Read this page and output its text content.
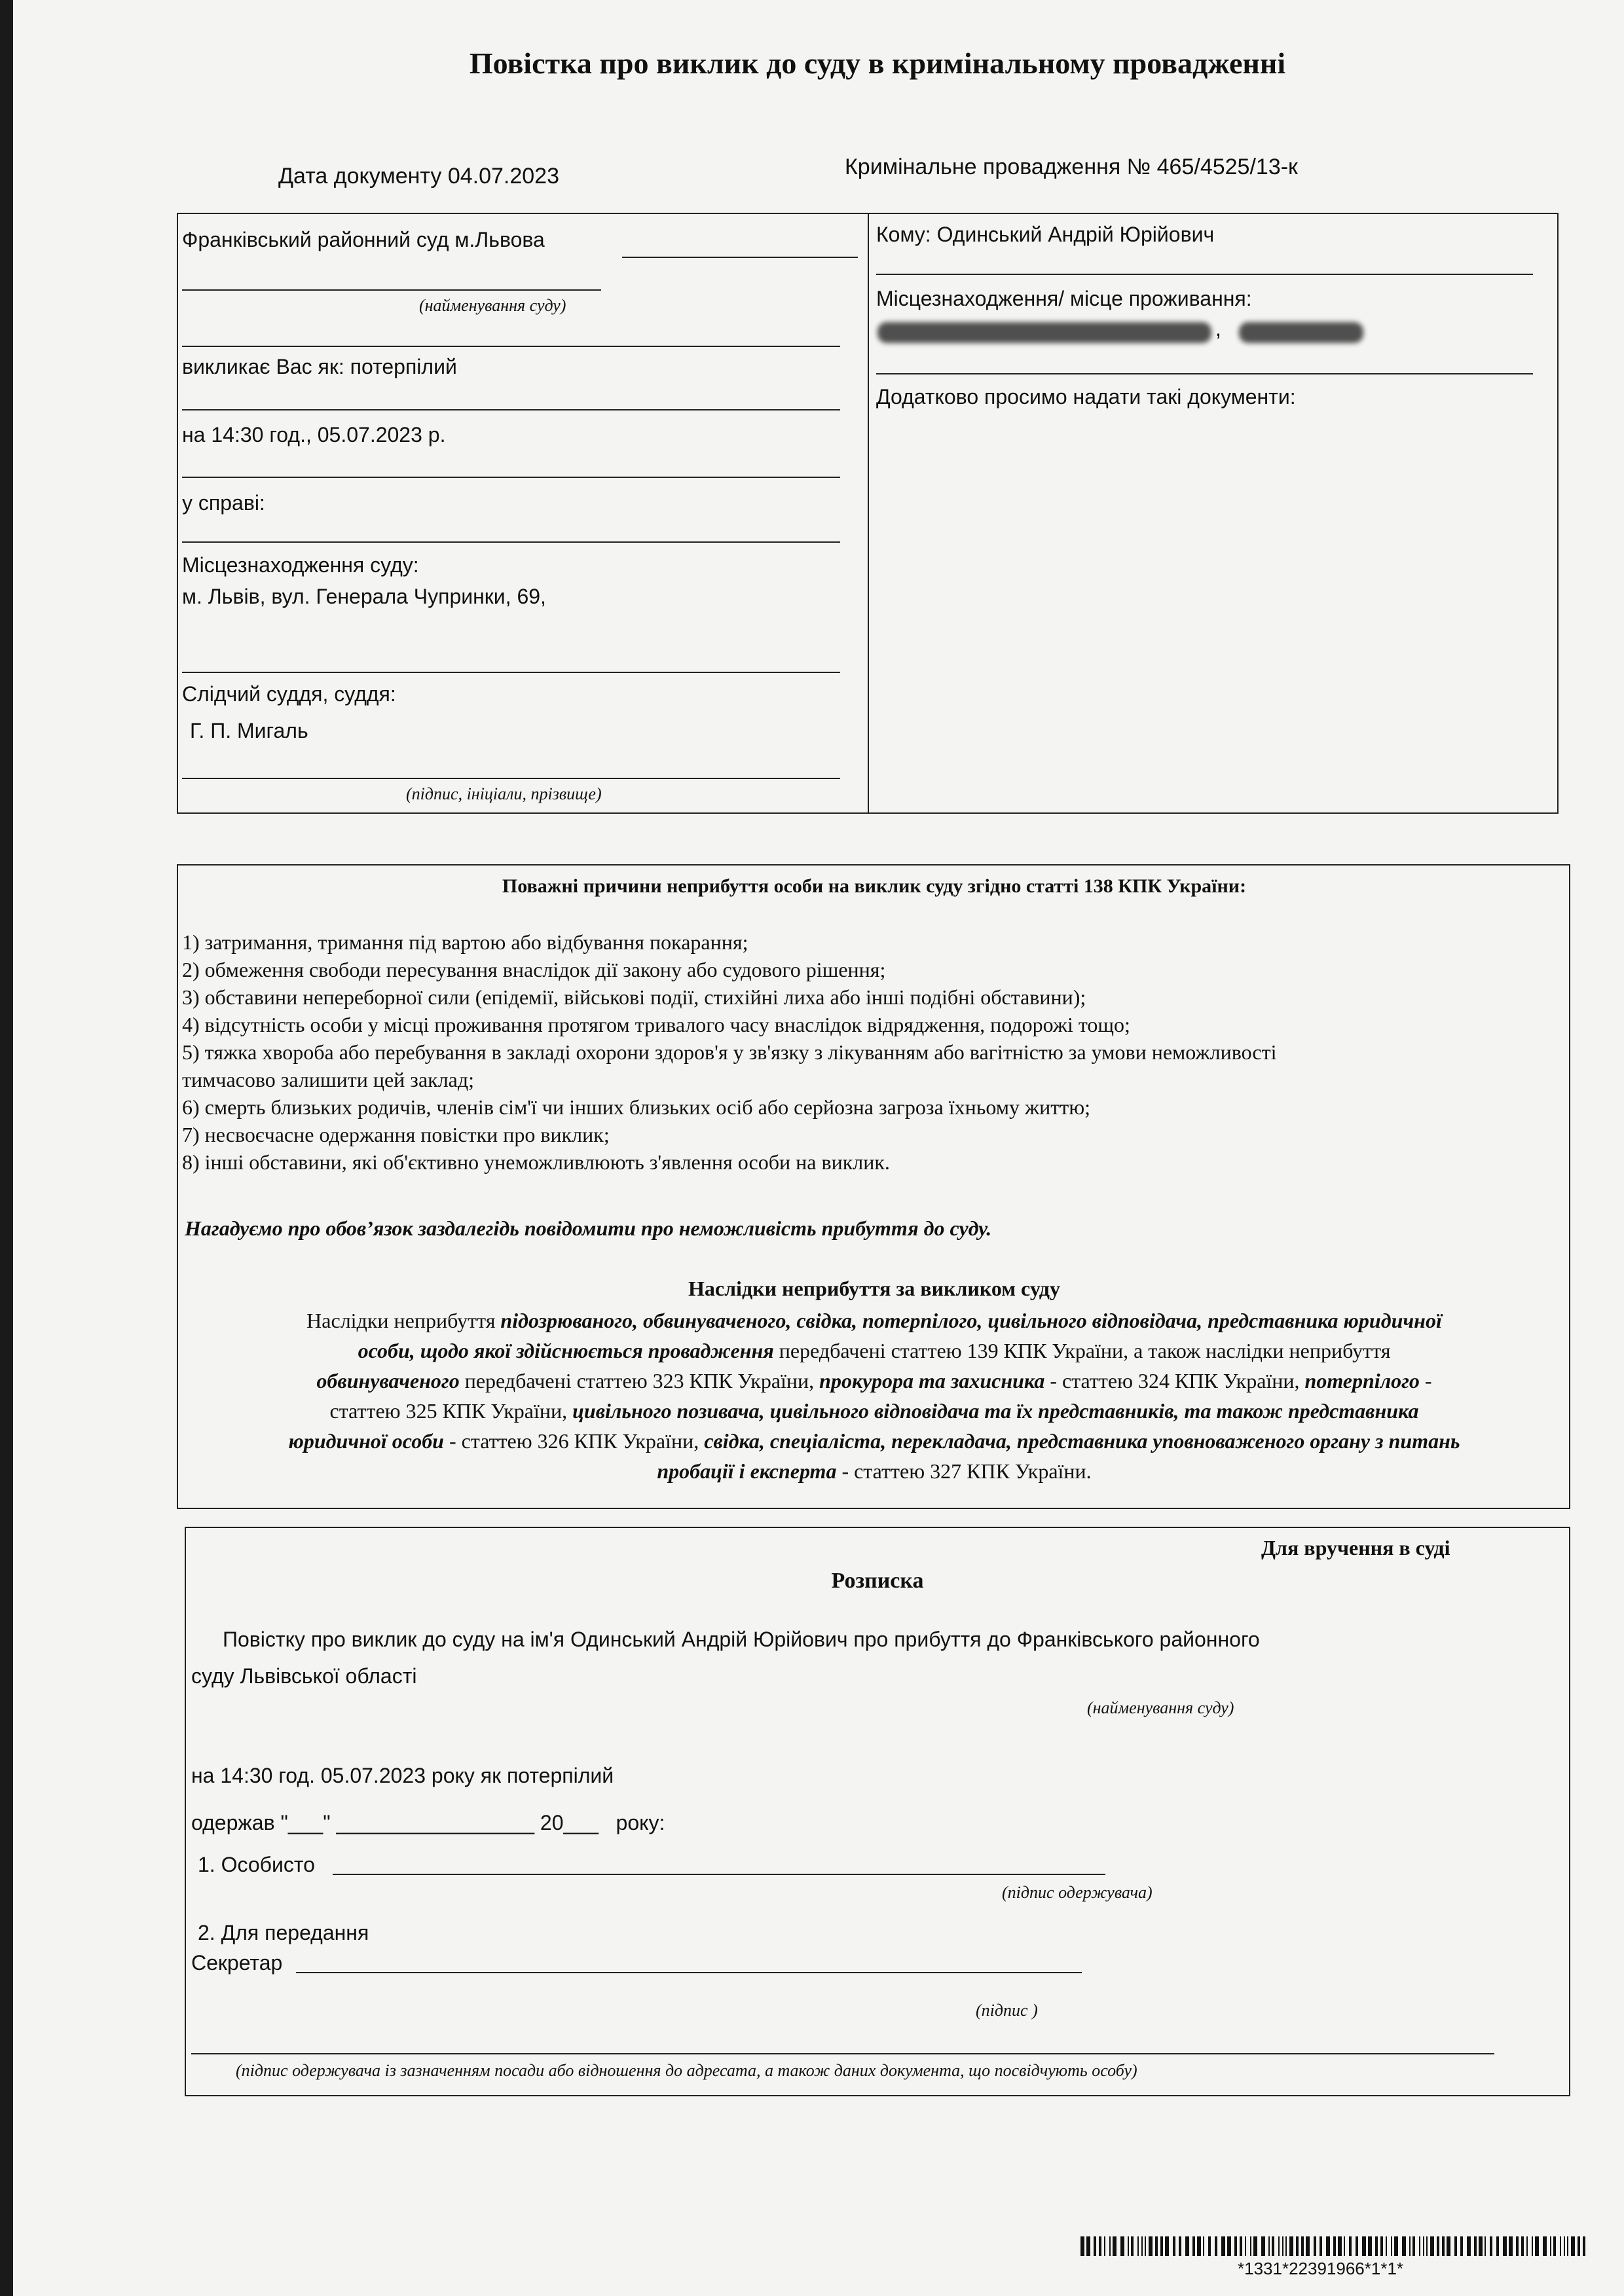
Повістка про виклик до суду в кримінальному провадженні
Дата документу 04.07.2023	Кримінальне провадження № 465/4525/13-к
Франківський районний суд м.Львова
(найменування суду)
викликає Вас як: потерпілий
на 14:30 год., 05.07.2023 р.
у справі:
Місцезнаходження суду:
м. Львів, вул. Генерала Чупринки, 69,
Слідчий суддя, суддя:
Г. П. Мигаль
(підпис, ініціали, прізвище)
Кому: Одинський Андрій Юрійович
Місцезнаходження/ місце проживання:
,
Додатково просимо надати такі документи:
Поважні причини неприбуття особи на виклик суду згідно статті 138 КПК України:
1) затримання, тримання під вартою або відбування покарання;
2) обмеження свободи пересування внаслідок дії закону або судового рішення;
3) обставини непереборної сили (епідемії, військові події, стихійні лиха або інші подібні обставини);
4) відсутність особи у місці проживання протягом тривалого часу внаслідок відрядження, подорожі тощо;
5) тяжка хвороба або перебування в закладі охорони здоров'я у зв'язку з лікуванням або вагітністю за умови неможливості
тимчасово залишити цей заклад;
6) смерть близьких родичів, членів сім'ї чи інших близьких осіб або серйозна загроза їхньому життю;
7) несвоєчасне одержання повістки про виклик;
8) інші обставини, які об'єктивно унеможливлюють з'явлення особи на виклик.
Нагадуємо про обов’язок заздалегідь повідомити про неможливість прибуття до суду.
Наслідки неприбуття за викликом суду
Наслідки неприбуття підозрюваного, обвинуваченого, свідка, потерпілого, цивільного відповідача, представника юридичної
особи, щодо якої здійснюється провадження передбачені статтею 139 КПК України, а також наслідки неприбуття
обвинуваченого передбачені статтею 323 КПК України, прокурора та захисника - статтею 324 КПК України, потерпілого -
статтею 325 КПК України, цивільного позивача, цивільного відповідача та їх представників, та також представника
юридичної особи - статтею 326 КПК України, свідка, спеціаліста, перекладача, представника уповноваженого органу з питань
пробації і експерта - статтею 327 КПК України.
Для вручення в суді
Розписка
Повістку про виклик до суду на ім'я Одинський Андрій Юрійович про прибуття до Франківського районного
суду Львівської області
(найменування суду)
на 14:30 год. 05.07.2023 року як потерпілий
одержав "___" _________________ 20___   року:
1. Особисто
(підпис одержувача)
2. Для передання
Секретар
(підпис )
(підпис одержувача із зазначенням посади або відношення до адресата, а також даних документа, що посвідчують особу)
*1331*22391966*1*1*
